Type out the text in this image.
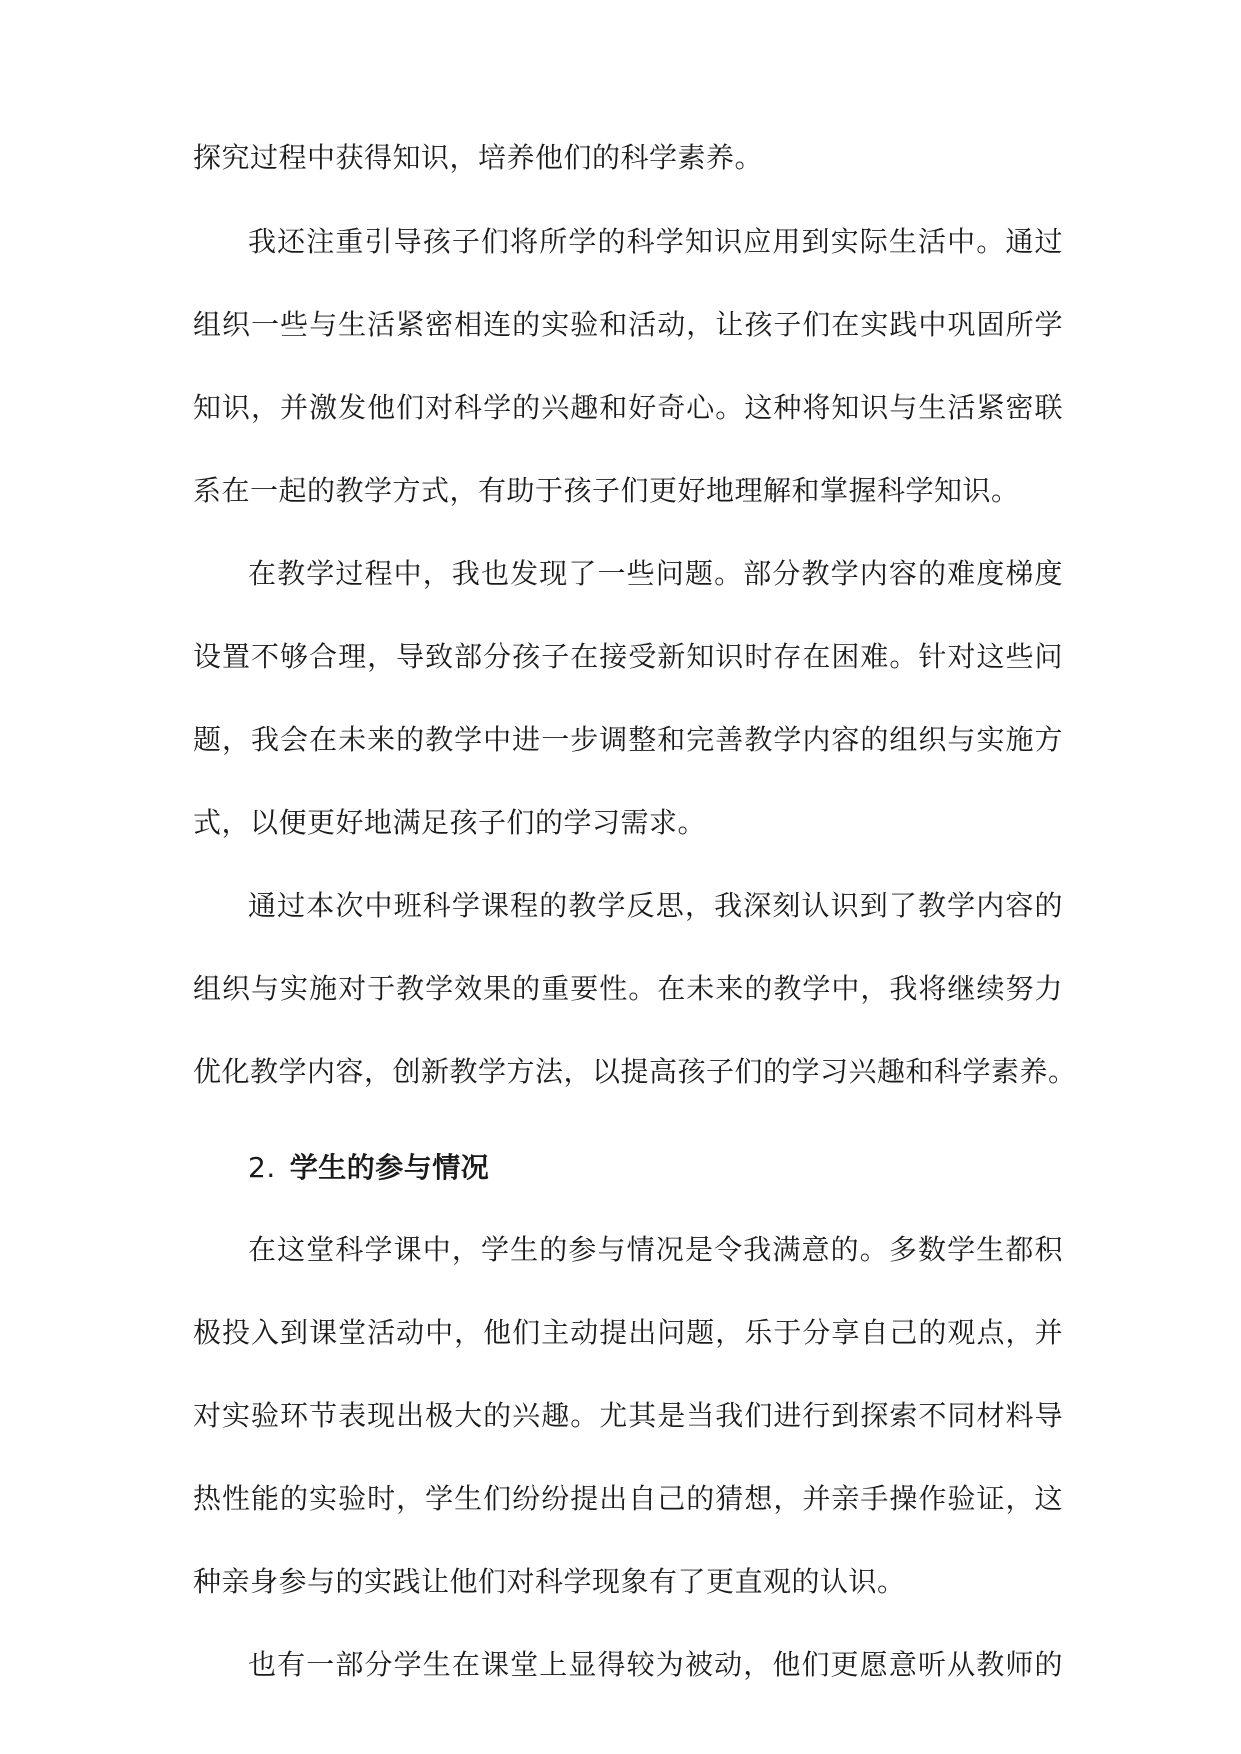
探究过程中获得知识，培养他们的科学素养。
我还注重引导孩子们将所学的科学知识应用到实际生活中。通过
组织一些与生活紧密相连的实验和活动，让孩子们在实践中巩固所学
知识，并激发他们对科学的兴趣和好奇心。这种将知识与生活紧密联
系在一起的教学方式，有助于孩子们更好地理解和掌握科学知识。
在教学过程中，我也发现了一些问题。部分教学内容的难度梯度
设置不够合理，导致部分孩子在接受新知识时存在困难。针对这些问
题，我会在未来的教学中进一步调整和完善教学内容的组织与实施方
式，以便更好地满足孩子们的学习需求。
通过本次中班科学课程的教学反思，我深刻认识到了教学内容的
组织与实施对于教学效果的重要性。在未来的教学中，我将继续努力
优化教学内容，创新教学方法，以提高孩子们的学习兴趣和科学素养。
2. 学生的参与情况
在这堂科学课中，学生的参与情况是令我满意的。多数学生都积
极投入到课堂活动中，他们主动提出问题，乐于分享自己的观点，并
对实验环节表现出极大的兴趣。尤其是当我们进行到探索不同材料导
热性能的实验时，学生们纷纷提出自己的猜想，并亲手操作验证，这
种亲身参与的实践让他们对科学现象有了更直观的认识。
也有一部分学生在课堂上显得较为被动，他们更愿意听从教师的
